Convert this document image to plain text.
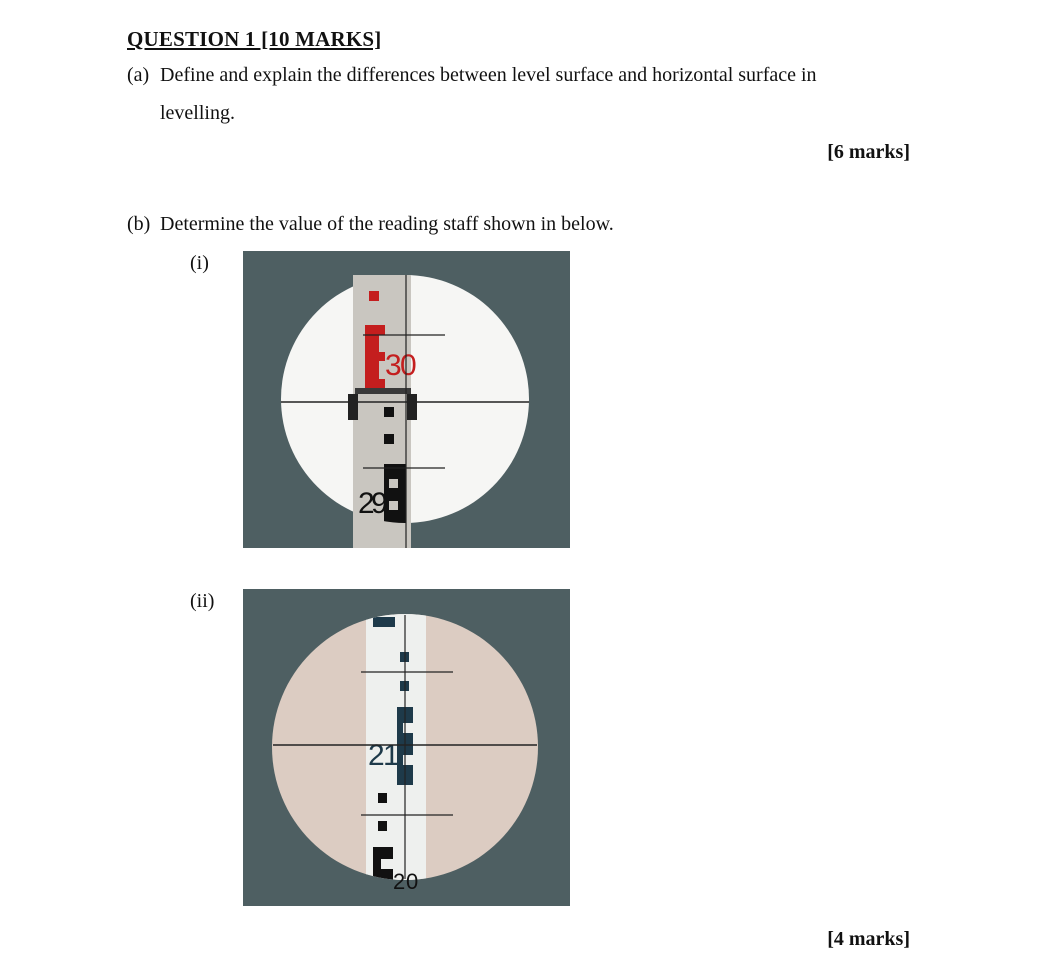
QUESTION 1 [10 MARKS]
(a) Define and explain the differences between level surface and horizontal surface in
levelling.
[6 marks]
(b) Determine the value of the reading staff shown in below.
(i)
3
0
2
9
(ii)
2
1
2 0
[4 marks]
